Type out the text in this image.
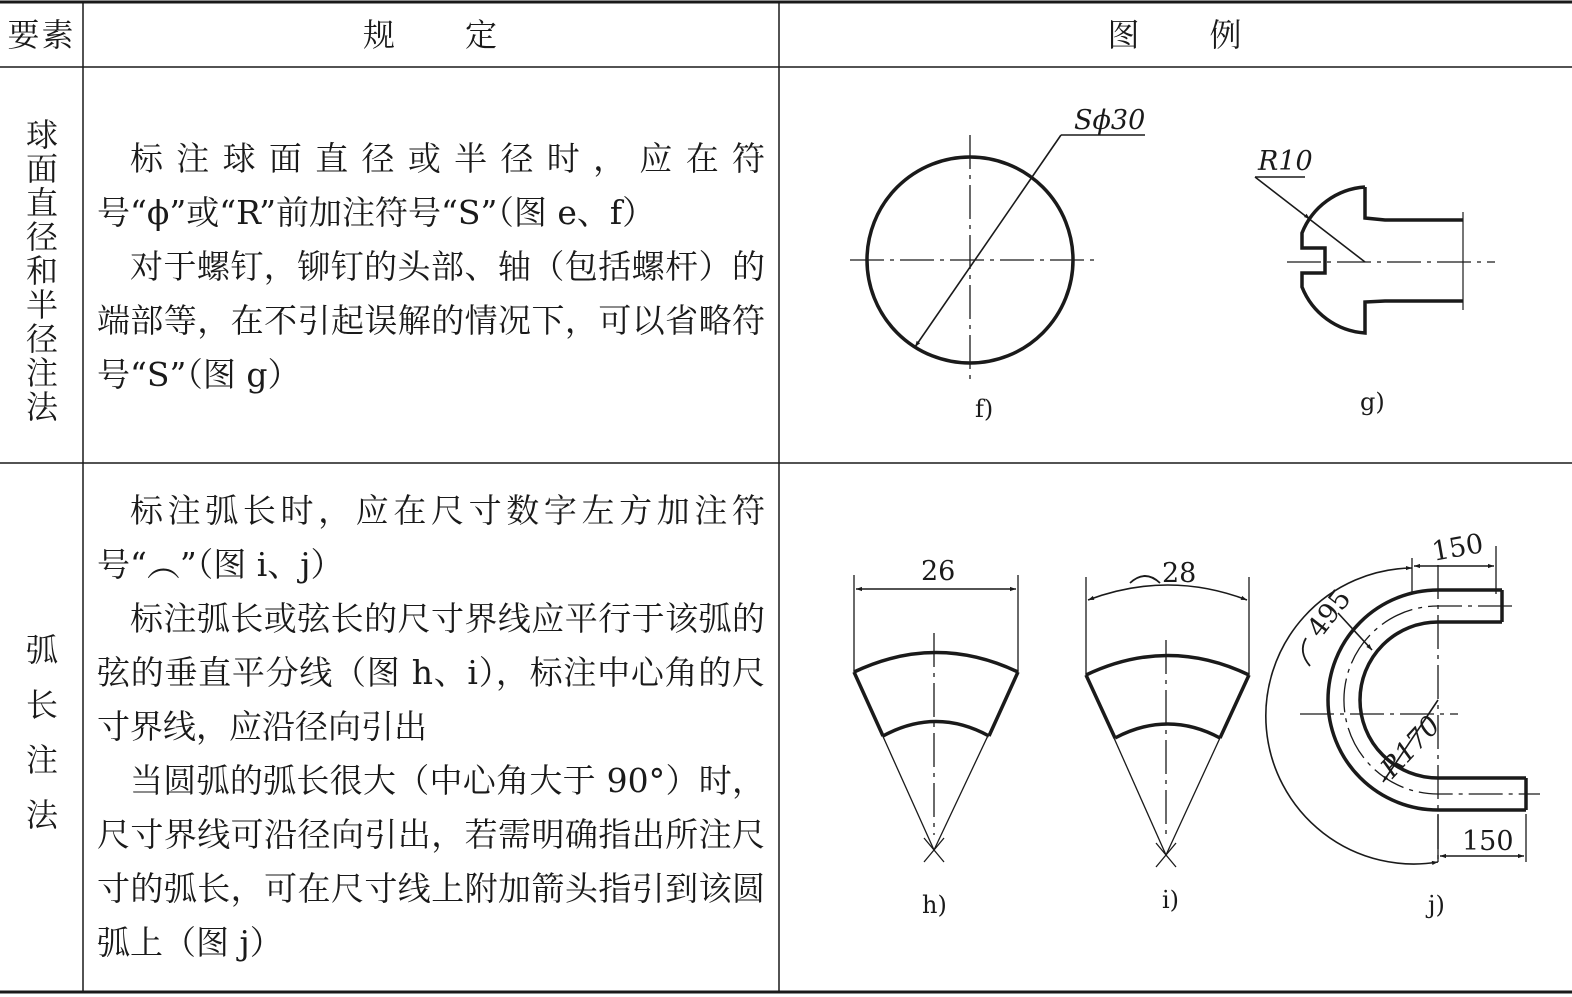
Sϕ30
f)
R10
g)
26
h)
28
i)
150
495
R170
150
j)
要素	规　　定	图　　例
球面直径和半径注法

标注球面直径或半径时，应在符号“ϕ”或“R”前加注符号“S”（图 e、f）

对于螺钉，铆钉的头部、轴（包括螺杆）的端部等，在不引起误解的情况下，可以省略符号“S”（图 g）

弧长注法

标注弧长时，应在尺寸数字左方加注符号“︵”（图 i、j）

标注弧长或弦长的尺寸界线应平行于该弧的弦的垂直平分线（图 h、i），标注中心角的尺寸界线，应沿径向引出

当圆弧的弧长很大（中心角大于 90°）时，尺寸界线可沿径向引出，若需明确指出所注尺寸的弧长，可在尺寸线上附加箭头指引到该圆弧上（图 j）
